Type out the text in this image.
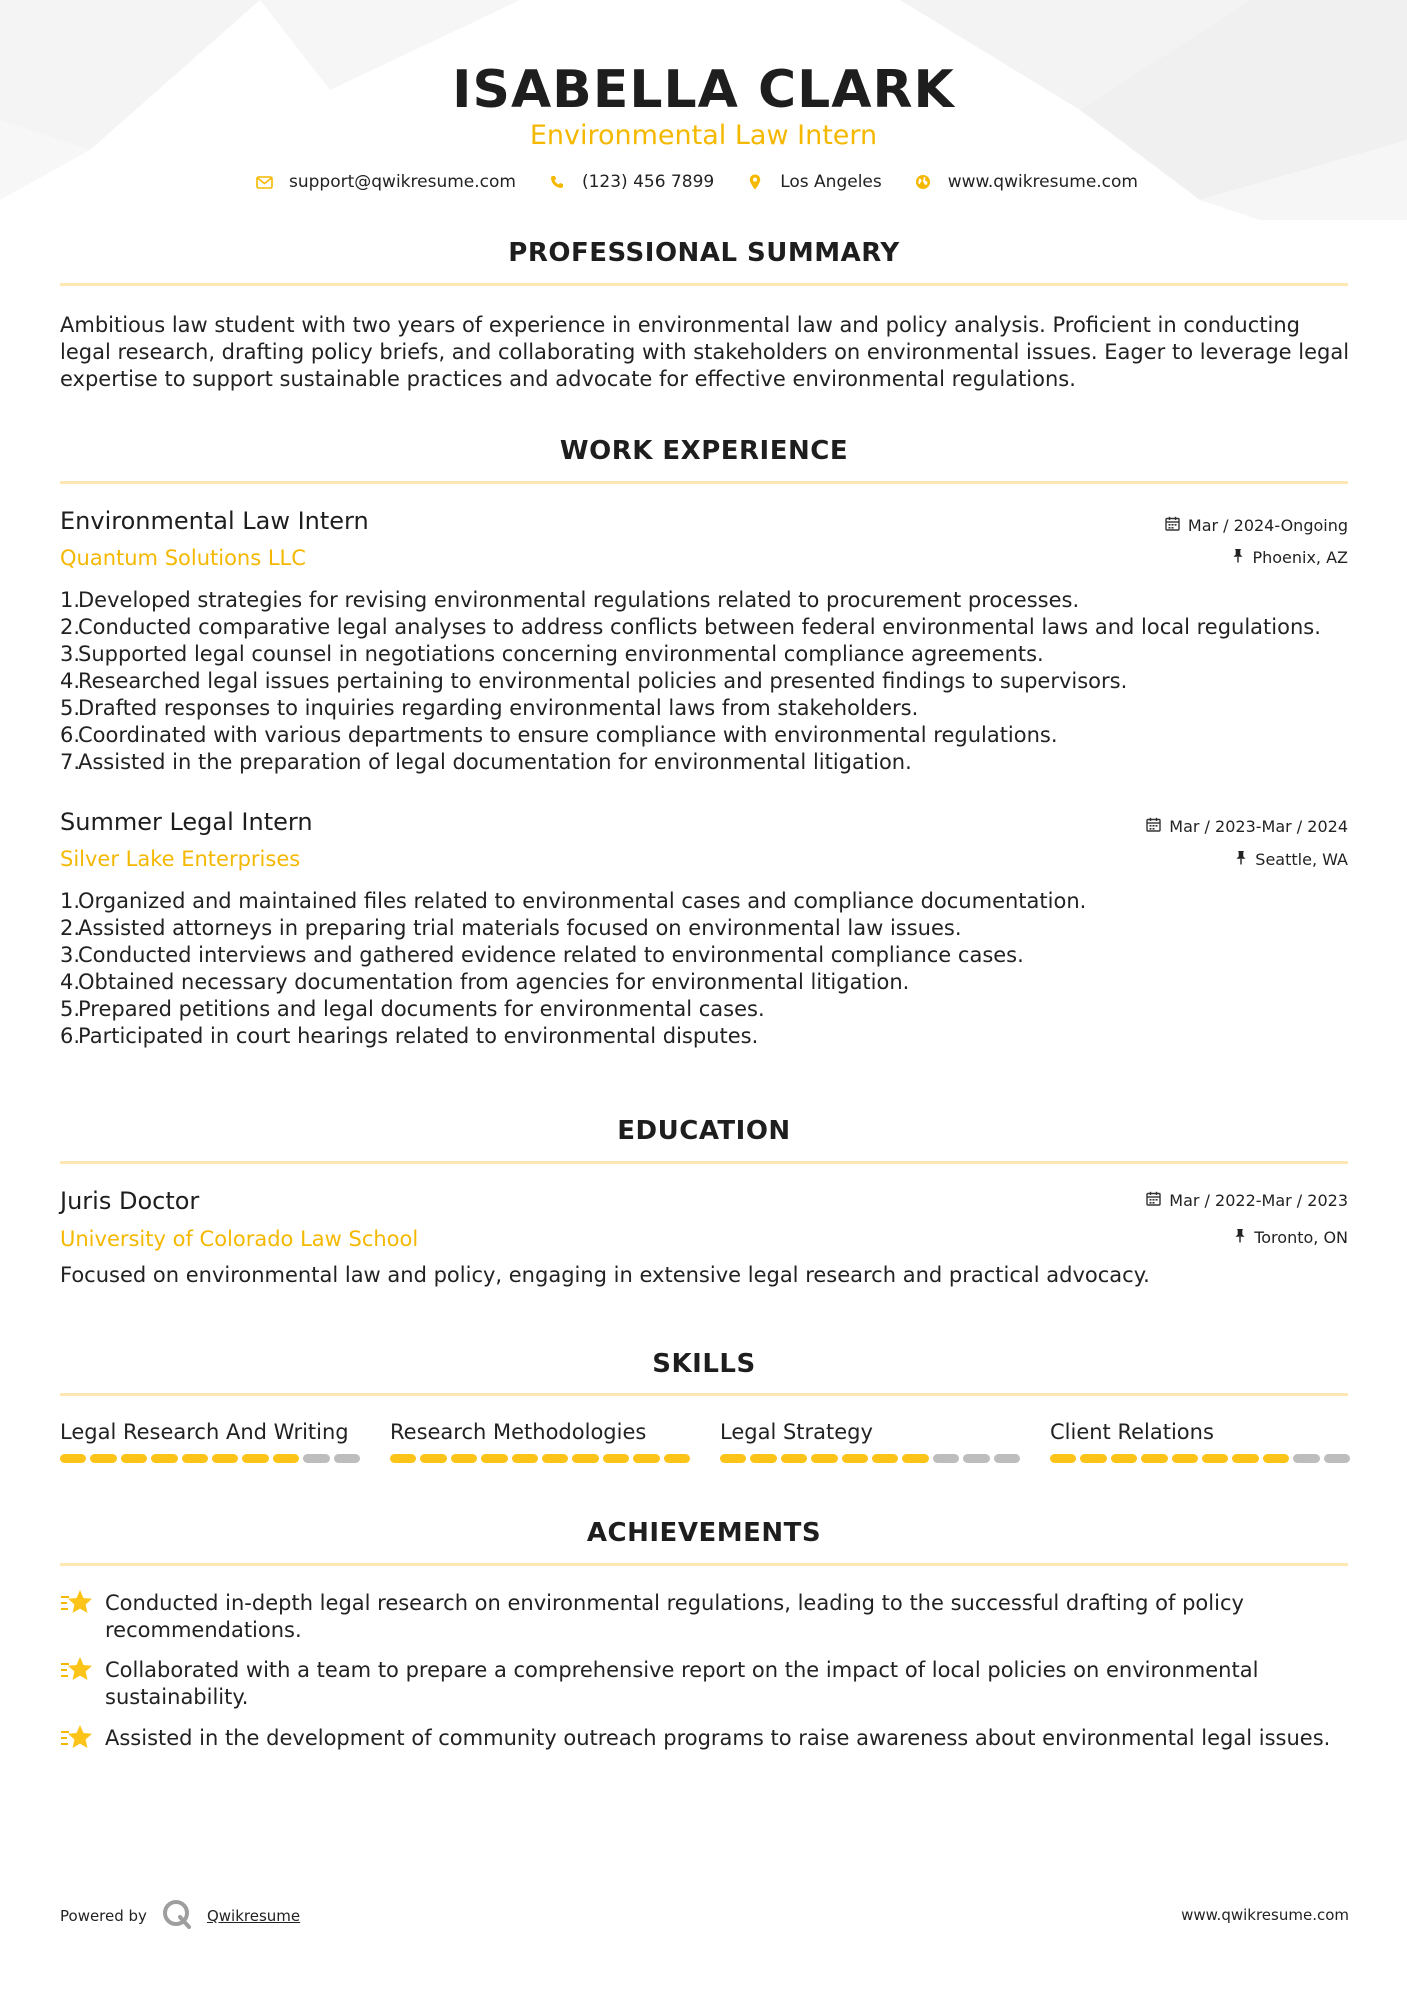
ISABELLA CLARK
Environmental Law Intern
support@qwikresume.com	(123) 456 7899	Los Angeles	www.qwikresume.com
PROFESSIONAL SUMMARY
Ambitious law student with two years of experience in environmental law and policy analysis. Proficient in conducting legal research, drafting policy briefs, and collaborating with stakeholders on environmental issues. Eager to leverage legal expertise to support sustainable practices and advocate for effective environmental regulations.
WORK EXPERIENCE
Environmental Law Intern	Mar / 2024-Ongoing
Quantum Solutions LLC	Phoenix, AZ
1.
Developed strategies for revising environmental regulations related to procurement processes.
2.
Conducted comparative legal analyses to address conflicts between federal environmental laws and local regulations.
3.
Supported legal counsel in negotiations concerning environmental compliance agreements.
4.
Researched legal issues pertaining to environmental policies and presented findings to supervisors.
5.
Drafted responses to inquiries regarding environmental laws from stakeholders.
6.
Coordinated with various departments to ensure compliance with environmental regulations.
7.
Assisted in the preparation of legal documentation for environmental litigation.
Summer Legal Intern	Mar / 2023-Mar / 2024
Silver Lake Enterprises	Seattle, WA
1.
Organized and maintained files related to environmental cases and compliance documentation.
2.
Assisted attorneys in preparing trial materials focused on environmental law issues.
3.
Conducted interviews and gathered evidence related to environmental compliance cases.
4.
Obtained necessary documentation from agencies for environmental litigation.
5.
Prepared petitions and legal documents for environmental cases.
6.
Participated in court hearings related to environmental disputes.
EDUCATION
Juris Doctor	Mar / 2022-Mar / 2023
University of Colorado Law School	Toronto, ON
Focused on environmental law and policy, engaging in extensive legal research and practical advocacy.
SKILLS
Legal Research And Writing	Research Methodologies	Legal Strategy	Client Relations
ACHIEVEMENTS
Conducted in-depth legal research on environmental regulations, leading to the successful drafting of policy recommendations.
Collaborated with a team to prepare a comprehensive report on the impact of local policies on environmental sustainability.
Assisted in the development of community outreach programs to raise awareness about environmental legal issues.
Powered by	Qwikresume	www.qwikresume.com
